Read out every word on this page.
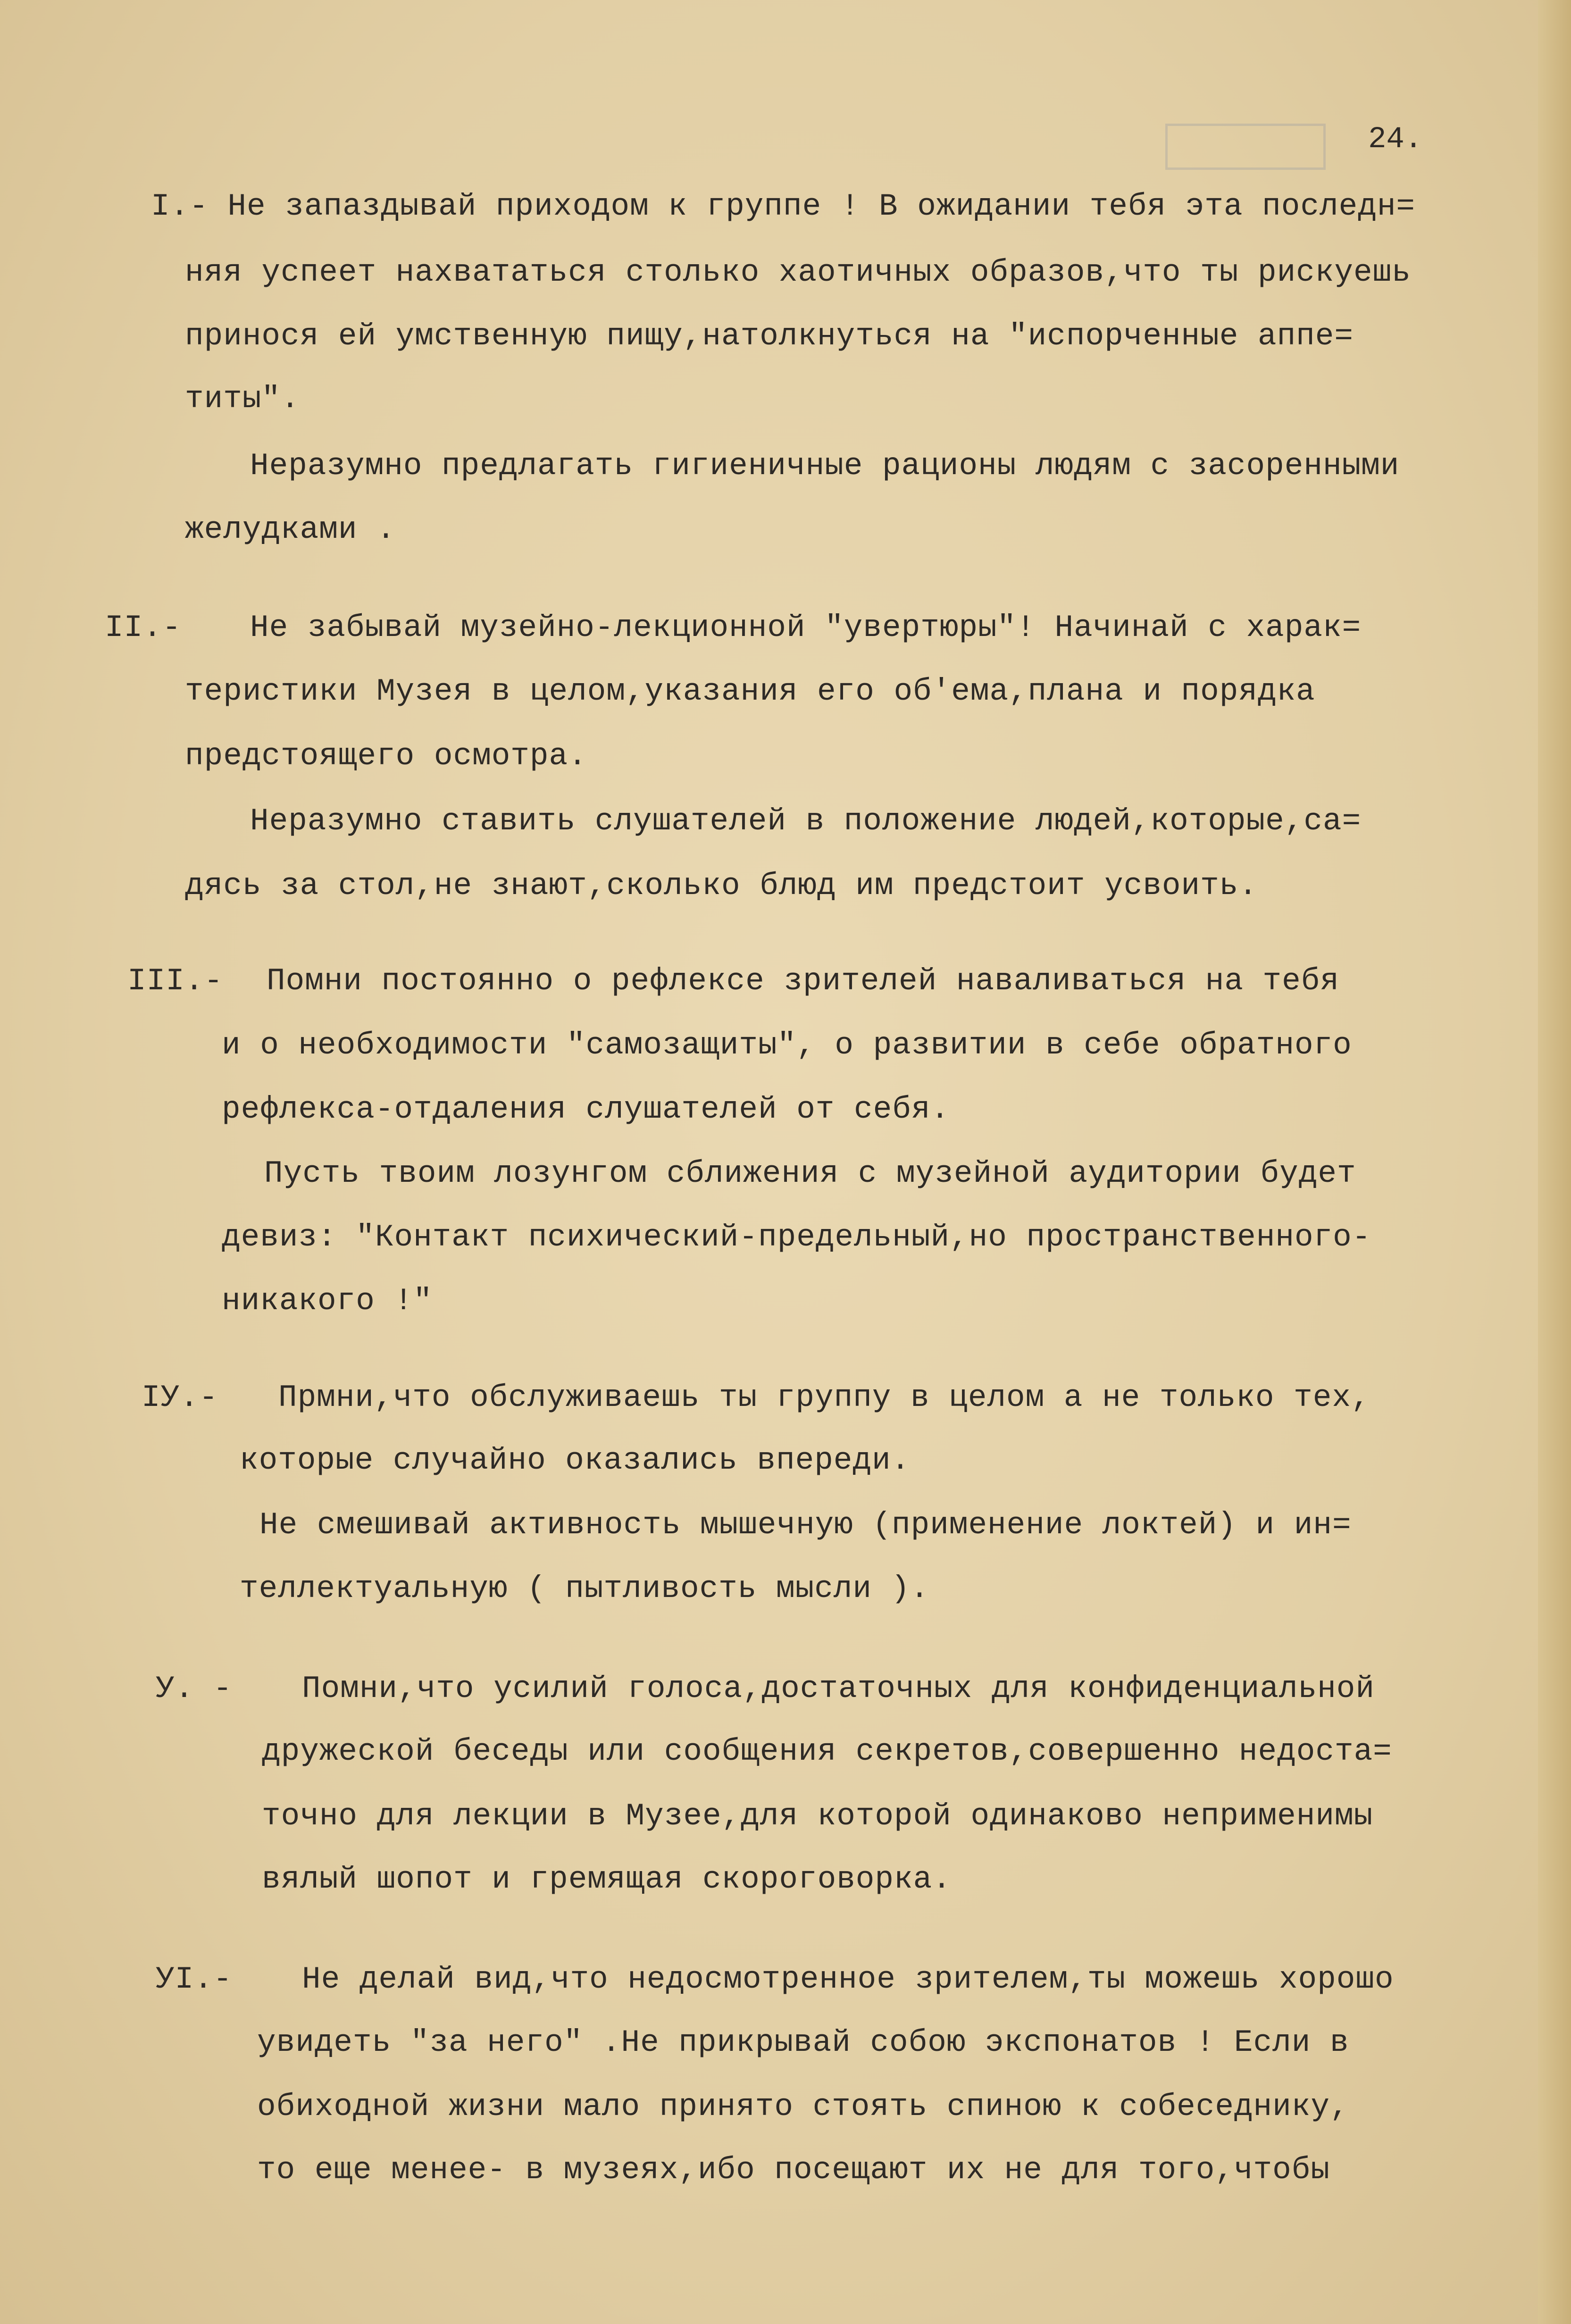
24.
I.- Не запаздывай приходом к группе ! В ожидании тебя эта последн=
няя успеет нахвататься столько хаотичных образов,что ты рискуешь
принося ей умственную пищу,натолкнуться на "испорченные аппе=
титы".
Неразумно предлагать гигиеничные рационы людям с засоренными
желудками .
II.- Не забывай музейно-лекционной "увертюры"! Начинай с харак=
теристики Музея в целом,указания его об'ема,плана и порядка
предстоящего осмотра.
Неразумно ставить слушателей в положение людей,которые,са=
дясь за стол,не знают,сколько блюд им предстоит усвоить.
III.- Помни постоянно о рефлексе зрителей наваливаться на тебя
и о необходимости "самозащиты", о развитии в себе обратного
рефлекса-отдаления слушателей от себя.
Пусть твоим лозунгом сближения с музейной аудитории будет
девиз: "Контакт психический-предельный,но пространственного-
никакого !"
IУ.- Прмни,что обслуживаешь ты группу в целом а не только тех,
которые случайно оказались впереди.
Не смешивай активность мышечную (применение локтей) и ин=
теллектуальную ( пытливость мысли ).
У. - Помни,что усилий голоса,достаточных для конфиденциальной
дружеской беседы или сообщения секретов,совершенно недоста=
точно для лекции в Музее,для которой одинаково неприменимы
вялый шопот и гремящая скороговорка.
УI.- Не делай вид,что недосмотренное зрителем,ты можешь хорошо
увидеть "за него" .Не прикрывай собою экспонатов ! Если в
обиходной жизни мало принято стоять спиною к собеседнику,
то еще менее- в музеях,ибо посещают их не для того,чтобы
